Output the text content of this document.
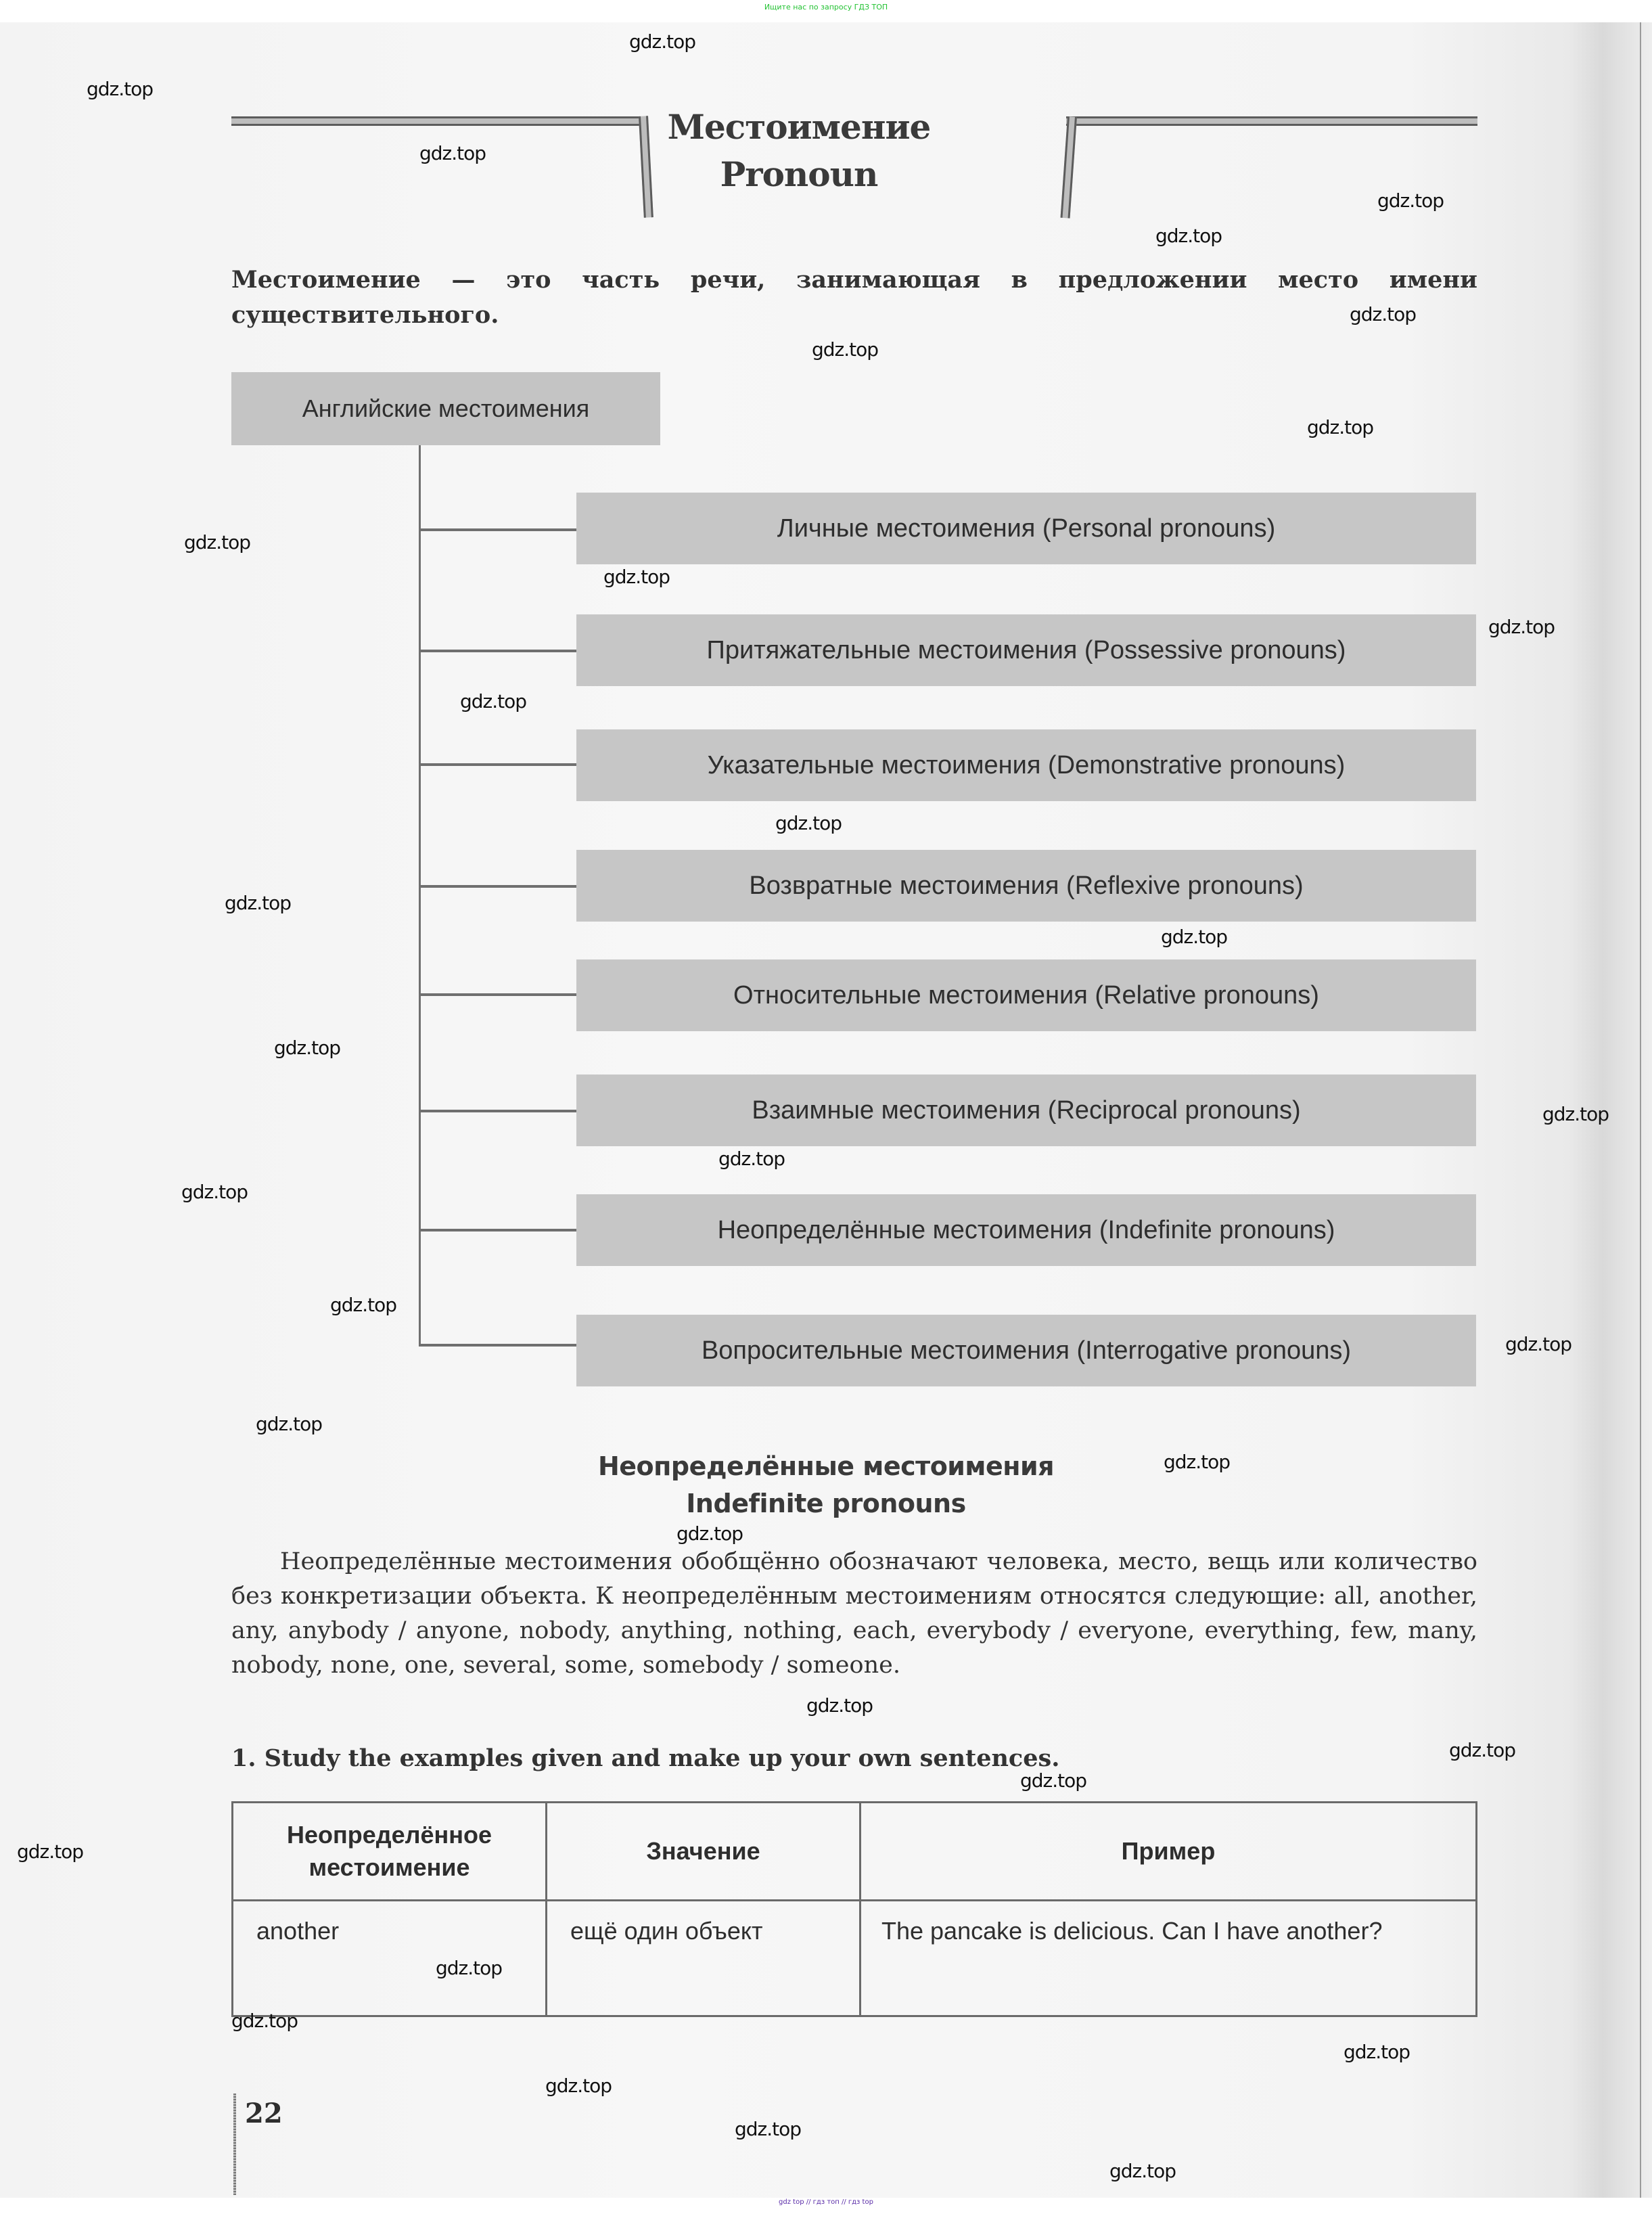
Ищите нас по запросу ГДЗ ТОП
Местоимение
Pronoun
Местоимение — это часть речи, занимающая в предложении место имени существительного.
Английские местоимения
Личные местоимения (Personal pronouns)
Притяжательные местоимения (Possessive pronouns)
Указательные местоимения (Demonstrative pronouns)
Возвратные местоимения (Reflexive pronouns)
Относительные местоимения (Relative pronouns)
Взаимные местоимения (Reciprocal pronouns)
Неопределённые местоимения (Indefinite pronouns)
Вопросительные местоимения (Interrogative pronouns)
Неопределённые местоимения
Indefinite pronouns
Неопределённые местоимения обобщённо обозначают человека, место, вещь или количество без конкретизации объекта. К неопределённым местоимениям относятся следующие: all, another, any, anybody / anyone, nobody, anything, nothing, each, everybody / everyone, everything, few, many, nobody, none, one, several, some, somebody / someone.
1. Study the examples given and make up your own sentences.
Неопределённое местоимение	Значение	Пример
another	ещё один объект	The pancake is delicious. Can I have another?
22
gdz.top
gdz.top
gdz.top
gdz.top
gdz.top
gdz.top
gdz.top
gdz.top
gdz.top
gdz.top
gdz.top
gdz.top
gdz.top
gdz.top
gdz.top
gdz.top
gdz.top
gdz.top
gdz.top
gdz.top
gdz.top
gdz.top
gdz.top
gdz.top
gdz.top
gdz.top
gdz.top
gdz.top
gdz.top
gdz.top
gdz.top
gdz.top
gdz.top
gdz.top
gdz top // гдз топ // гдз top
